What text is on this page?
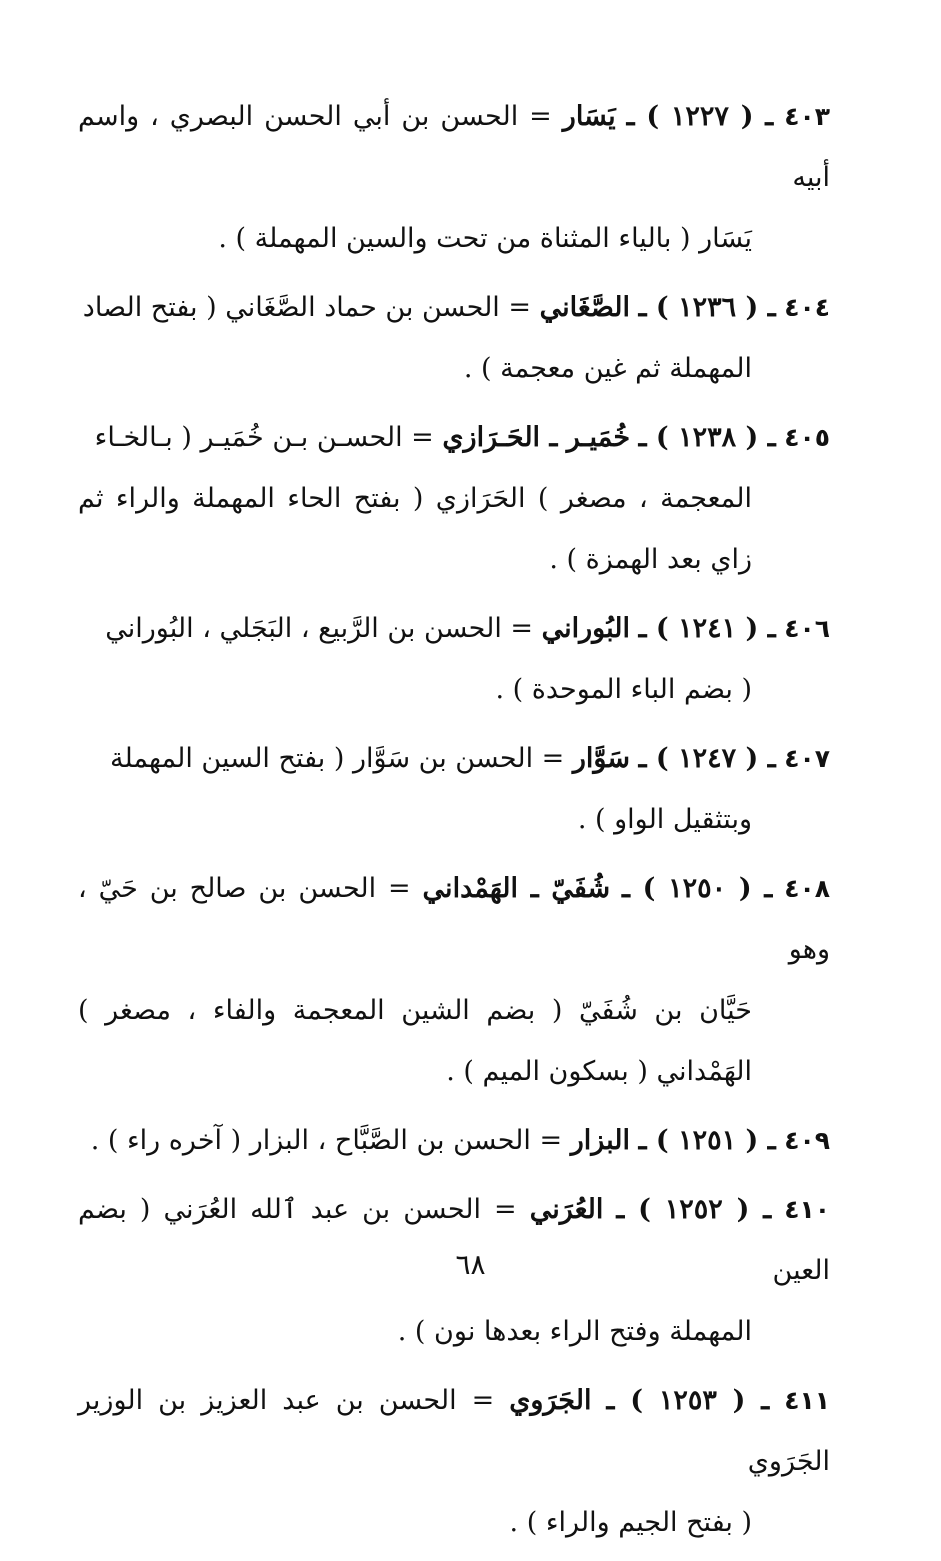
٤٠٣ ـ ( ١٢٢٧ ) ـ يَسَار = الحسن بن أبي الحسن البصري ، واسم أبيه
يَسَار ( بالياء المثناة من تحت والسين المهملة ) .

٤٠٤ ـ ( ١٢٣٦ ) ـ الصَّغَاني = الحسن بن حماد الصَّغَاني ( بفتح الصاد
المهملة ثم غين معجمة ) .

٤٠٥ ـ ( ١٢٣٨ ) ـ خُمَيـر ـ الحَـرَازي = الحسـن بـن خُمَيـر ( بـالخـاء
المعجمة ، مصغر ) الحَرَازي ( بفتح الحاء المهملة والراء ثم زاي بعد الهمزة ) .

٤٠٦ ـ ( ١٢٤١ ) ـ البُوراني = الحسن بن الرَّبيع ، البَجَلي ، البُوراني
( بضم الباء الموحدة ) .

٤٠٧ ـ ( ١٢٤٧ ) ـ سَوَّار = الحسن بن سَوَّار ( بفتح السين المهملة
وبتثقيل الواو ) .

٤٠٨ ـ ( ١٢٥٠ ) ـ شُفَيّ ـ الهَمْداني = الحسن بن صالح بن حَيّ ، وهو
حَيَّان بن شُفَيّ ( بضم الشين المعجمة والفاء ، مصغر ) الهَمْداني ( بسكون الميم ) .

٤٠٩ ـ ( ١٢٥١ ) ـ البزار = الحسن بن الصَّبَّاح ، البزار ( آخره راء ) .

٤١٠ ـ ( ١٢٥٢ ) ـ العُرَني = الحسن بن عبد ٱلله العُرَني ( بضم العين
المهملة وفتح الراء بعدها نون ) .

٤١١ ـ ( ١٢٥٣ ) ـ الجَرَوي = الحسن بن عبد العزيز بن الوزير الجَرَوي
( بفتح الجيم والراء ) .

٦٨
